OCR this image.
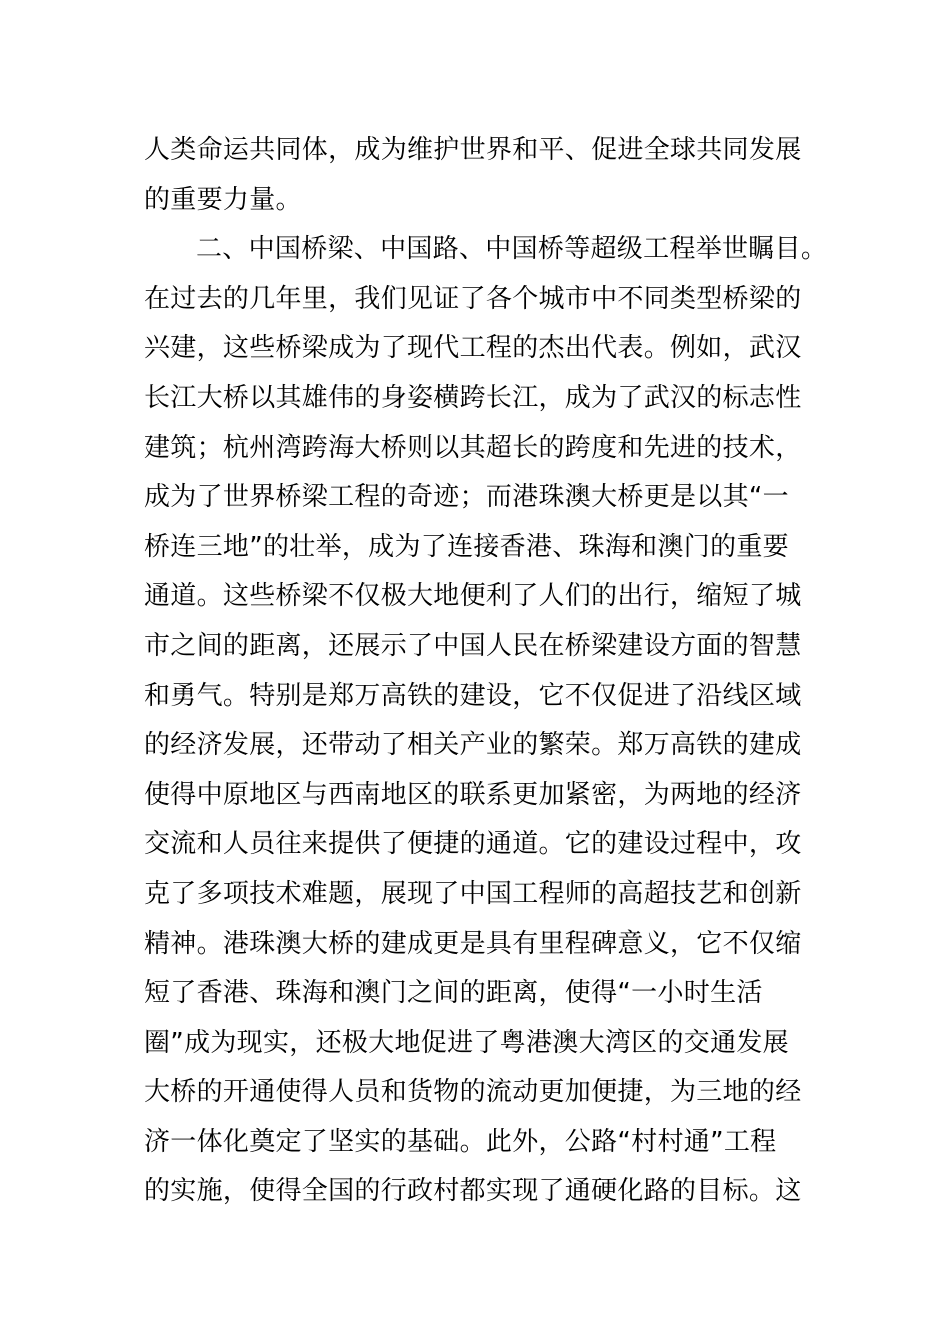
人类命运共同体，成为维护世界和平、促进全球共同发展
的重要力量。
二、中国桥梁、中国路、中国桥等超级工程举世瞩目。
在过去的几年里，我们见证了各个城市中不同类型桥梁的
兴建，这些桥梁成为了现代工程的杰出代表。例如，武汉
长江大桥以其雄伟的身姿横跨长江，成为了武汉的标志性
建筑；杭州湾跨海大桥则以其超长的跨度和先进的技术，
成为了世界桥梁工程的奇迹；而港珠澳大桥更是以其“一
桥连三地”的壮举，成为了连接香港、珠海和澳门的重要
通道。这些桥梁不仅极大地便利了人们的出行，缩短了城
市之间的距离，还展示了中国人民在桥梁建设方面的智慧
和勇气。特别是郑万高铁的建设，它不仅促进了沿线区域
的经济发展，还带动了相关产业的繁荣。郑万高铁的建成
使得中原地区与西南地区的联系更加紧密，为两地的经济
交流和人员往来提供了便捷的通道。它的建设过程中，攻
克了多项技术难题，展现了中国工程师的高超技艺和创新
精神。港珠澳大桥的建成更是具有里程碑意义，它不仅缩
短了香港、珠海和澳门之间的距离，使得“一小时生活
圈”成为现实，还极大地促进了粤港澳大湾区的交通发展
大桥的开通使得人员和货物的流动更加便捷，为三地的经
济一体化奠定了坚实的基础。此外，公路“村村通”工程
的实施，使得全国的行政村都实现了通硬化路的目标。这
